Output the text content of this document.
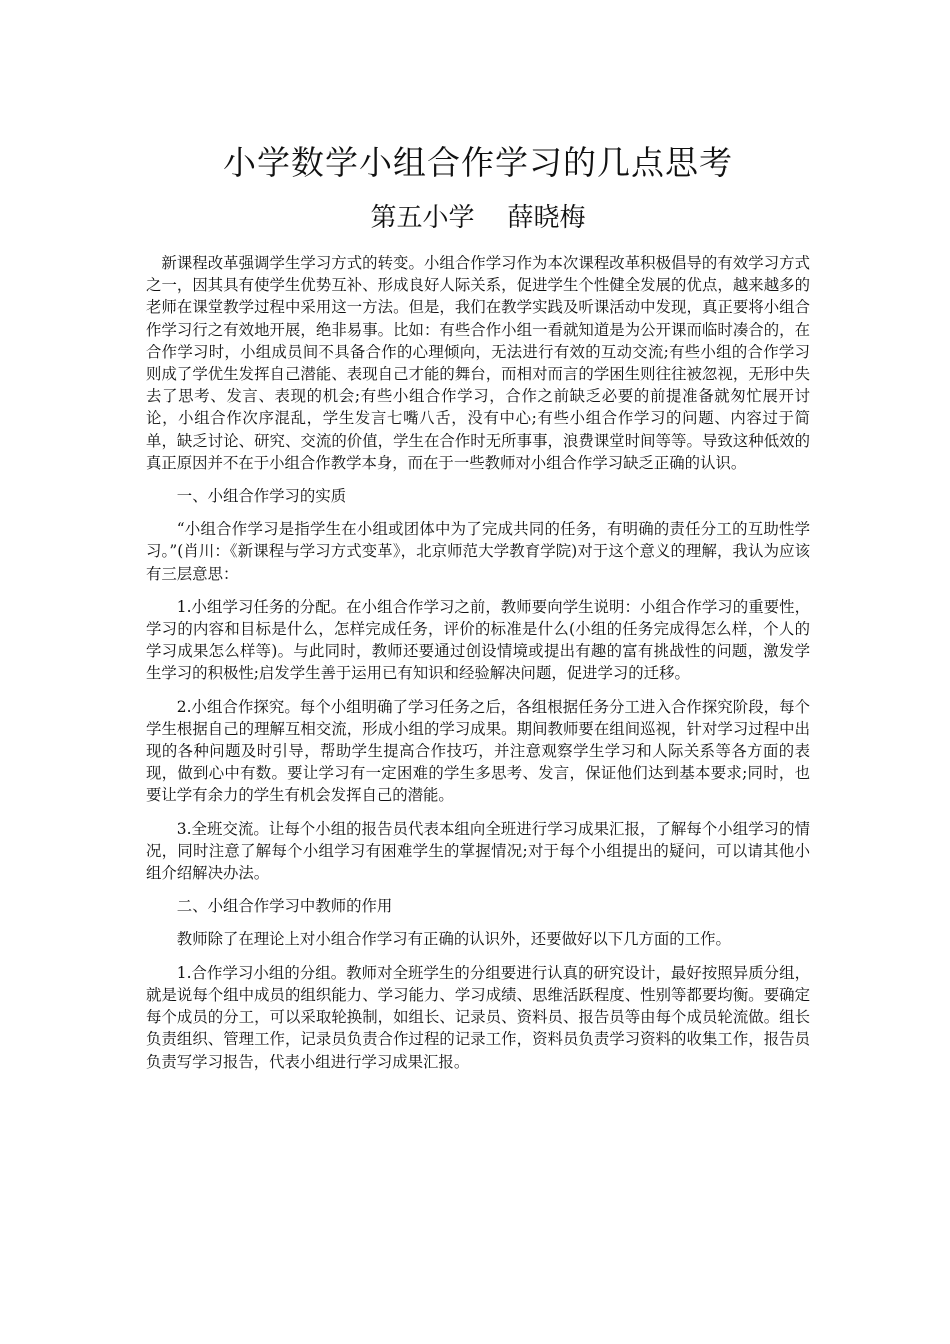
小学数学小组合作学习的几点思考
第五小学    薛晓梅

新课程改革强调学生学习方式的转变。小组合作学习作为本次课程改革积极倡导的有效学习方式之一，因其具有使学生优势互补、形成良好人际关系，促进学生个性健全发展的优点，越来越多的老师在课堂教学过程中采用这一方法。但是，我们在教学实践及听课活动中发现，真正要将小组合作学习行之有效地开展，绝非易事。比如：有些合作小组一看就知道是为公开课而临时凑合的，在合作学习时，小组成员间不具备合作的心理倾向，无法进行有效的互动交流;有些小组的合作学习则成了学优生发挥自己潜能、表现自己才能的舞台，而相对而言的学困生则往往被忽视，无形中失去了思考、发言、表现的机会;有些小组合作学习，合作之前缺乏必要的前提准备就匆忙展开讨论，小组合作次序混乱，学生发言七嘴八舌，没有中心;有些小组合作学习的问题、内容过于简单，缺乏讨论、研究、交流的价值，学生在合作时无所事事，浪费课堂时间等等。导致这种低效的真正原因并不在于小组合作教学本身，而在于一些教师对小组合作学习缺乏正确的认识。

一、小组合作学习的实质

“小组合作学习是指学生在小组或团体中为了完成共同的任务，有明确的责任分工的互助性学习。”(肖川：《新课程与学习方式变革》，北京师范大学教育学院)对于这个意义的理解，我认为应该有三层意思：

1.小组学习任务的分配。在小组合作学习之前，教师要向学生说明：小组合作学习的重要性，学习的内容和目标是什么，怎样完成任务，评价的标准是什么(小组的任务完成得怎么样，个人的学习成果怎么样等)。与此同时，教师还要通过创设情境或提出有趣的富有挑战性的问题，激发学生学习的积极性;启发学生善于运用已有知识和经验解决问题，促进学习的迁移。

2.小组合作探究。每个小组明确了学习任务之后，各组根据任务分工进入合作探究阶段，每个学生根据自己的理解互相交流，形成小组的学习成果。期间教师要在组间巡视，针对学习过程中出现的各种问题及时引导，帮助学生提高合作技巧，并注意观察学生学习和人际关系等各方面的表现，做到心中有数。要让学习有一定困难的学生多思考、发言，保证他们达到基本要求;同时，也要让学有余力的学生有机会发挥自己的潜能。

3.全班交流。让每个小组的报告员代表本组向全班进行学习成果汇报，了解每个小组学习的情况，同时注意了解每个小组学习有困难学生的掌握情况;对于每个小组提出的疑问，可以请其他小组介绍解决办法。

二、小组合作学习中教师的作用

教师除了在理论上对小组合作学习有正确的认识外，还要做好以下几方面的工作。

1.合作学习小组的分组。教师对全班学生的分组要进行认真的研究设计，最好按照异质分组，就是说每个组中成员的组织能力、学习能力、学习成绩、思维活跃程度、性别等都要均衡。要确定每个成员的分工，可以采取轮换制，如组长、记录员、资料员、报告员等由每个成员轮流做。组长负责组织、管理工作，记录员负责合作过程的记录工作，资料员负责学习资料的收集工作，报告员负责写学习报告，代表小组进行学习成果汇报。
